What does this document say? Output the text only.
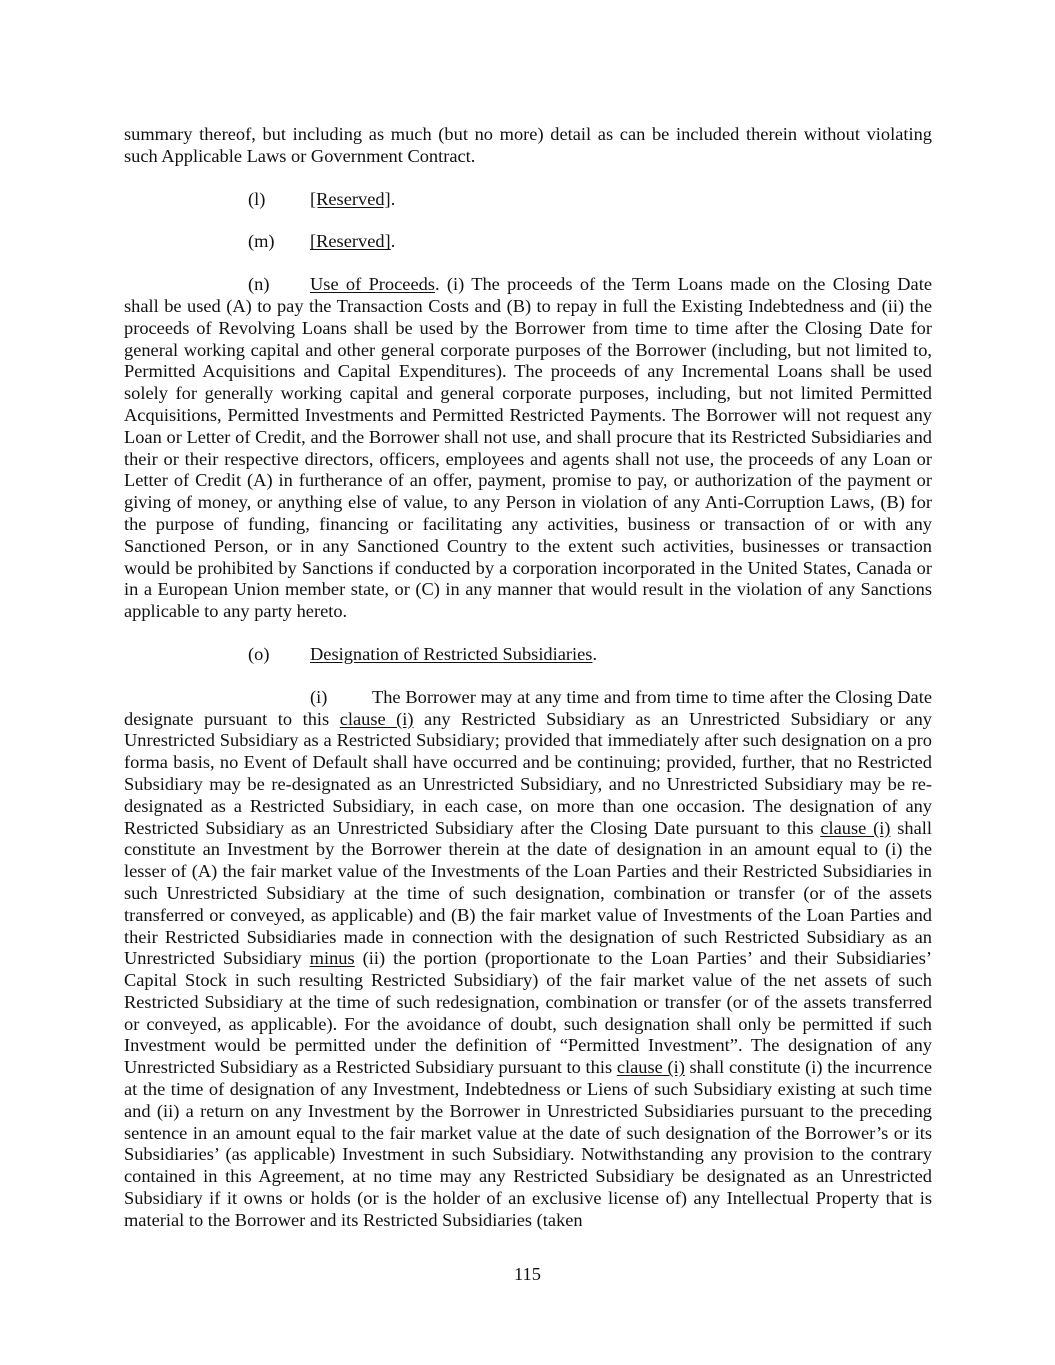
summary thereof, but including as much (but no more) detail as can be included therein without violating such Applicable Laws or Government Contract.

(l) [Reserved].

(m) [Reserved].

(n) Use of Proceeds. (i) The proceeds of the Term Loans made on the Closing Date shall be used (A) to pay the Transaction Costs and (B) to repay in full the Existing Indebtedness and (ii) the proceeds of Revolving Loans shall be used by the Borrower from time to time after the Closing Date for general working capital and other general corporate purposes of the Borrower (including, but not limited to, Permitted Acquisitions and Capital Expenditures). The proceeds of any Incremental Loans shall be used solely for generally working capital and general corporate purposes, including, but not limited Permitted Acquisitions, Permitted Investments and Permitted Restricted Payments. The Borrower will not request any Loan or Letter of Credit, and the Borrower shall not use, and shall procure that its Restricted Subsidiaries and their or their respective directors, officers, employees and agents shall not use, the proceeds of any Loan or Letter of Credit (A) in furtherance of an offer, payment, promise to pay, or authorization of the payment or giving of money, or anything else of value, to any Person in violation of any Anti-Corruption Laws, (B) for the purpose of funding, financing or facilitating any activities, business or transaction of or with any Sanctioned Person, or in any Sanctioned Country to the extent such activities, businesses or transaction would be prohibited by Sanctions if conducted by a corporation incorporated in the United States, Canada or in a European Union member state, or (C) in any manner that would result in the violation of any Sanctions applicable to any party hereto.

(o) Designation of Restricted Subsidiaries.

(i) The Borrower may at any time and from time to time after the Closing Date designate pursuant to this clause (i) any Restricted Subsidiary as an Unrestricted Subsidiary or any Unrestricted Subsidiary as a Restricted Subsidiary; provided that immediately after such designation on a pro forma basis, no Event of Default shall have occurred and be continuing; provided, further, that no Restricted Subsidiary may be re-designated as an Unrestricted Subsidiary, and no Unrestricted Subsidiary may be re-designated as a Restricted Subsidiary, in each case, on more than one occasion. The designation of any Restricted Subsidiary as an Unrestricted Subsidiary after the Closing Date pursuant to this clause (i) shall constitute an Investment by the Borrower therein at the date of designation in an amount equal to (i) the lesser of (A) the fair market value of the Investments of the Loan Parties and their Restricted Subsidiaries in such Unrestricted Subsidiary at the time of such designation, combination or transfer (or of the assets transferred or conveyed, as applicable) and (B) the fair market value of Investments of the Loan Parties and their Restricted Subsidiaries made in connection with the designation of such Restricted Subsidiary as an Unrestricted Subsidiary minus (ii) the portion (proportionate to the Loan Parties’ and their Subsidiaries’ Capital Stock in such resulting Restricted Subsidiary) of the fair market value of the net assets of such Restricted Subsidiary at the time of such redesignation, combination or transfer (or of the assets transferred or conveyed, as applicable). For the avoidance of doubt, such designation shall only be permitted if such Investment would be permitted under the definition of “Permitted Investment”. The designation of any Unrestricted Subsidiary as a Restricted Subsidiary pursuant to this clause (i) shall constitute (i) the incurrence at the time of designation of any Investment, Indebtedness or Liens of such Subsidiary existing at such time and (ii) a return on any Investment by the Borrower in Unrestricted Subsidiaries pursuant to the preceding sentence in an amount equal to the fair market value at the date of such designation of the Borrower’s or its Subsidiaries’ (as applicable) Investment in such Subsidiary. Notwithstanding any provision to the contrary contained in this Agreement, at no time may any Restricted Subsidiary be designated as an Unrestricted Subsidiary if it owns or holds (or is the holder of an exclusive license of) any Intellectual Property that is material to the Borrower and its Restricted Subsidiaries (taken

115
